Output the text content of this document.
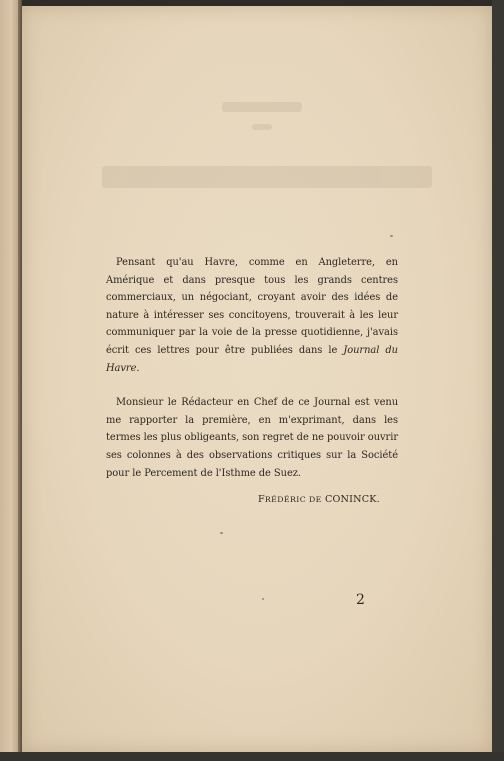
Pensant qu'au Havre, comme en Angleterre, en Amérique et dans presque tous les grands centres commerciaux, un négociant, croyant avoir des idées de nature à intéresser ses concitoyens, trouverait à les leur communiquer par la voie de la presse quotidienne, j'avais écrit ces lettres pour être publiées dans le Journal du Havre.

Monsieur le Rédacteur en Chef de ce Journal est venu me rapporter la première, en m'exprimant, dans les termes les plus obligeants, son regret de ne pouvoir ouvrir ses colonnes à des observations critiques sur la Société pour le Percement de l'Isthme de Suez.

FRÉDÉRIC DE CONINCK.
2
